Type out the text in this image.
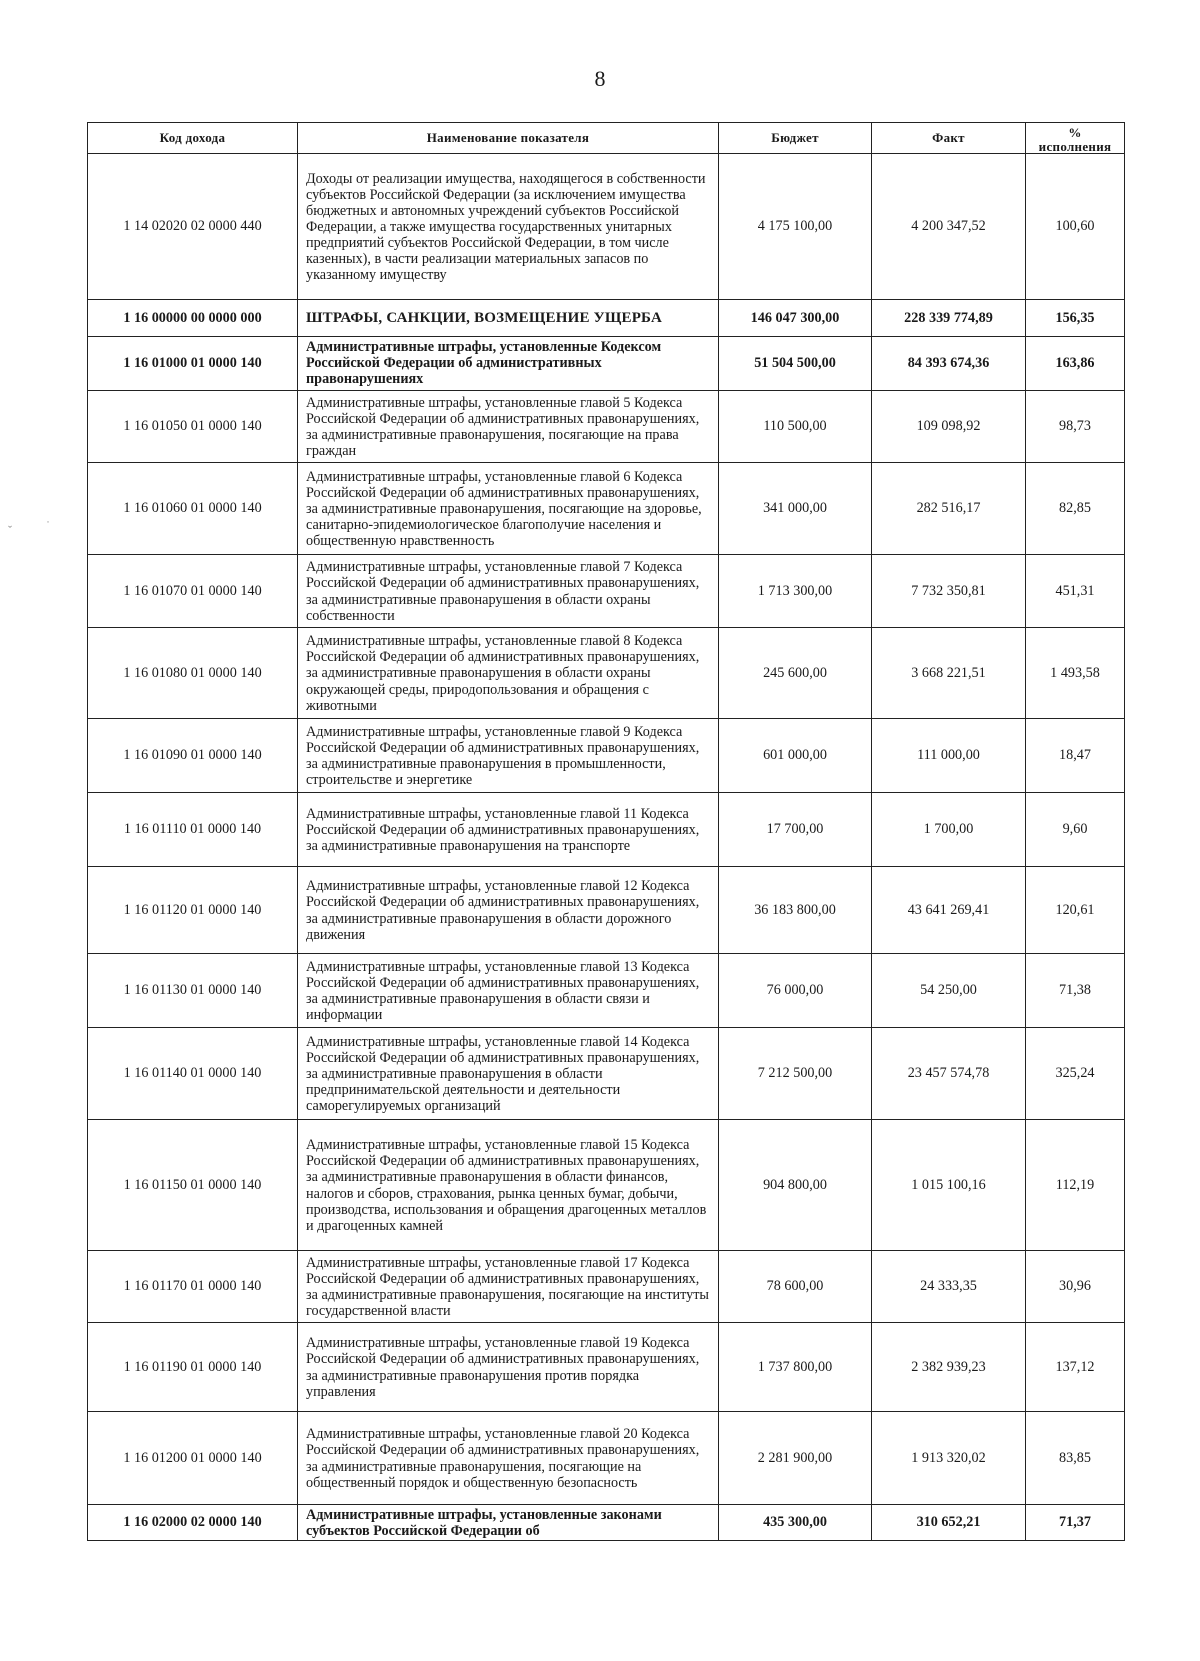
8
ˇ	˙
Код дохода	Наименование показателя	Бюджет	Факт	%
исполнения

1 14 02020 02 0000 440	Доходы от реализации имущества, находящегося в собственности субъектов Российской Федерации (за исключением имущества бюджетных и автономных учреждений субъектов Российской Федерации, а также имущества государственных унитарных предприятий субъектов Российской Федерации, в том числе казенных), в части реализации материальных запасов по указанному имуществу	4 175 100,00	4 200 347,52	100,60
1 16 00000 00 0000 000	ШТРАФЫ, САНКЦИИ, ВОЗМЕЩЕНИЕ УЩЕРБА	146 047 300,00	228 339 774,89	156,35
1 16 01000 01 0000 140	Административные штрафы, установленные Кодексом Российской Федерации об административных правонарушениях	51 504 500,00	84 393 674,36	163,86
1 16 01050 01 0000 140	Административные штрафы, установленные главой 5 Кодекса Российской Федерации об административных правонарушениях, за административные правонарушения, посягающие на права граждан	110 500,00	109 098,92	98,73
1 16 01060 01 0000 140	Административные штрафы, установленные главой 6 Кодекса Российской Федерации об административных правонарушениях, за административные правонарушения, посягающие на здоровье, санитарно-эпидемиологическое благополучие населения и общественную нравственность	341 000,00	282 516,17	82,85
1 16 01070 01 0000 140	Административные штрафы, установленные главой 7 Кодекса Российской Федерации об административных правонарушениях, за административные правонарушения в области охраны собственности	1 713 300,00	7 732 350,81	451,31
1 16 01080 01 0000 140	Административные штрафы, установленные главой 8 Кодекса Российской Федерации об административных правонарушениях, за административные правонарушения в области охраны окружающей среды, природопользования и обращения с животными	245 600,00	3 668 221,51	1 493,58
1 16 01090 01 0000 140	Административные штрафы, установленные главой 9 Кодекса Российской Федерации об административных правонарушениях, за административные правонарушения в промышленности, строительстве и энергетике	601 000,00	111 000,00	18,47
1 16 01110 01 0000 140	Административные штрафы, установленные главой 11 Кодекса Российской Федерации об административных правонарушениях, за административные правонарушения на транспорте	17 700,00	1 700,00	9,60
1 16 01120 01 0000 140	Административные штрафы, установленные главой 12 Кодекса Российской Федерации об административных правонарушениях, за административные правонарушения в области дорожного движения	36 183 800,00	43 641 269,41	120,61
1 16 01130 01 0000 140	Административные штрафы, установленные главой 13 Кодекса Российской Федерации об административных правонарушениях, за административные правонарушения в области связи и информации	76 000,00	54 250,00	71,38
1 16 01140 01 0000 140	Административные штрафы, установленные главой 14 Кодекса Российской Федерации об административных правонарушениях, за административные правонарушения в области предпринимательской деятельности и деятельности саморегулируемых организаций	7 212 500,00	23 457 574,78	325,24
1 16 01150 01 0000 140	Административные штрафы, установленные главой 15 Кодекса Российской Федерации об административных правонарушениях, за административные правонарушения в области финансов, налогов и сборов, страхования, рынка ценных бумаг, добычи, производства, использования и обращения драгоценных металлов и драгоценных камней	904 800,00	1 015 100,16	112,19
1 16 01170 01 0000 140	Административные штрафы, установленные главой 17 Кодекса Российской Федерации об административных правонарушениях, за административные правонарушения, посягающие на институты государственной власти	78 600,00	24 333,35	30,96
1 16 01190 01 0000 140	Административные штрафы, установленные главой 19 Кодекса Российской Федерации об административных правонарушениях, за административные правонарушения против порядка управления	1 737 800,00	2 382 939,23	137,12
1 16 01200 01 0000 140	Административные штрафы, установленные главой 20 Кодекса Российской Федерации об административных правонарушениях, за административные правонарушения, посягающие на общественный порядок и общественную безопасность	2 281 900,00	1 913 320,02	83,85
1 16 02000 02 0000 140	Административные штрафы, установленные законами субъектов Российской Федерации об	435 300,00	310 652,21	71,37
